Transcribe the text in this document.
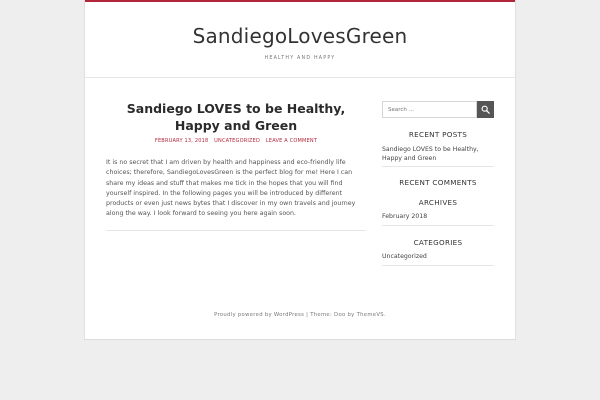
SandiegoLovesGreen
HEALTHY AND HAPPY
Sandiego LOVES to be Healthy, Happy and Green
FEBRUARY 13, 2018 UNCATEGORIZED LEAVE A COMMENT
It is no secret that I am driven by health and happiness and eco-friendly life choices; therefore, SandiegoLovesGreen is the perfect blog for me! Here I can share my ideas and stuff that makes me tick in the hopes that you will find yourself inspired. In the following pages you will be introduced by different products or even just news bytes that I discover in my own travels and journey along the way. I look forward to seeing you here again soon.
Search ...
RECENT POSTS
Sandiego LOVES to be Healthy, Happy and Green
RECENT COMMENTS
ARCHIVES
February 2018
CATEGORIES
Uncategorized
Proudly powered by WordPress | Theme: Doo by ThemeVS.
